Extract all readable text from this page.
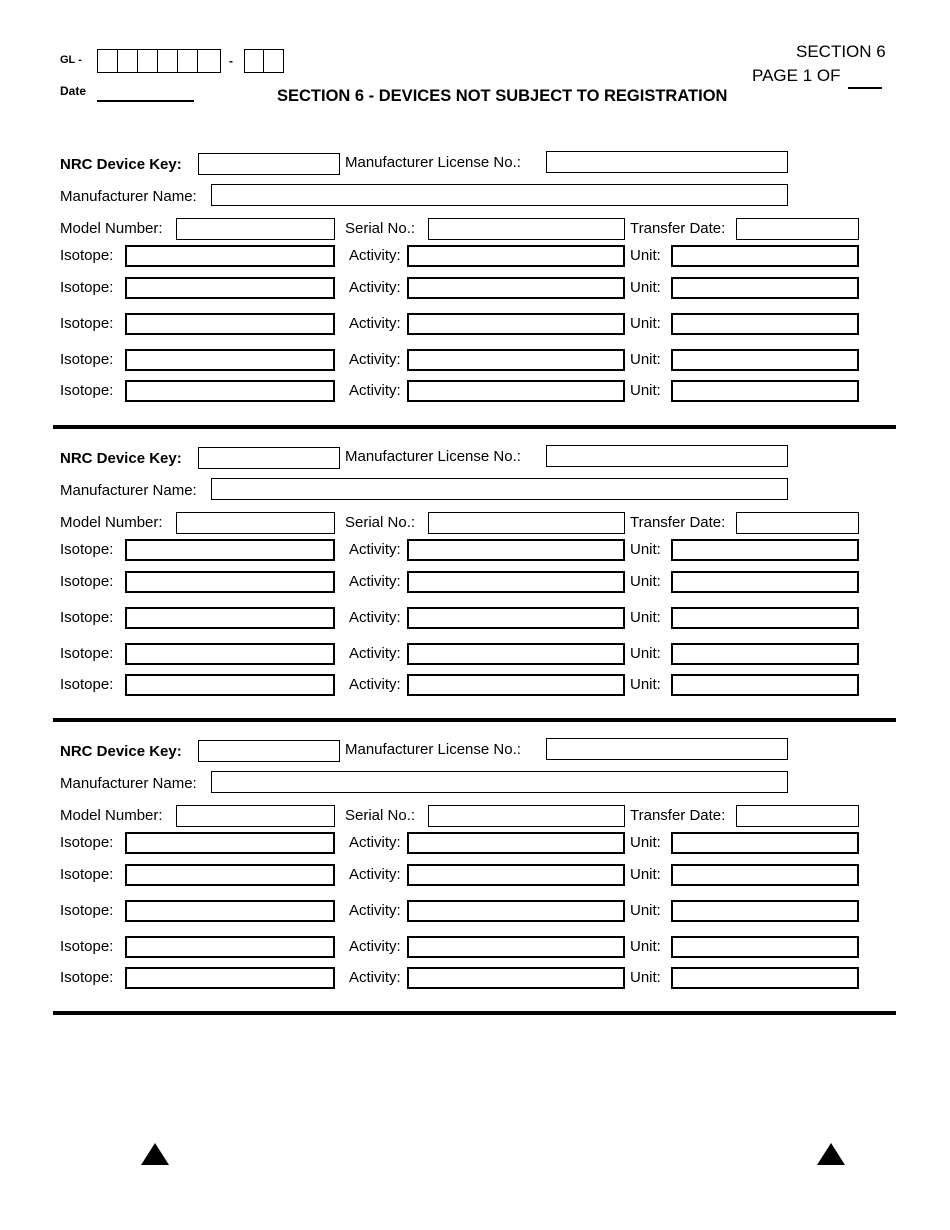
GL -	-
Date
SECTION 6
PAGE 1 OF
SECTION 6 - DEVICES NOT SUBJECT TO REGISTRATION
NRC Device Key:	Manufacturer License No.:
Manufacturer Name:
Model Number:	Serial No.:	Transfer Date:
Isotope:	Activity:	Unit:
Isotope:	Activity:	Unit:
Isotope:	Activity:	Unit:
Isotope:	Activity:	Unit:
Isotope:	Activity:	Unit:
NRC Device Key:	Manufacturer License No.:
Manufacturer Name:
Model Number:	Serial No.:	Transfer Date:
Isotope:	Activity:	Unit:
Isotope:	Activity:	Unit:
Isotope:	Activity:	Unit:
Isotope:	Activity:	Unit:
Isotope:	Activity:	Unit:
NRC Device Key:	Manufacturer License No.:
Manufacturer Name:
Model Number:	Serial No.:	Transfer Date:
Isotope:	Activity:	Unit:
Isotope:	Activity:	Unit:
Isotope:	Activity:	Unit:
Isotope:	Activity:	Unit:
Isotope:	Activity:	Unit:
